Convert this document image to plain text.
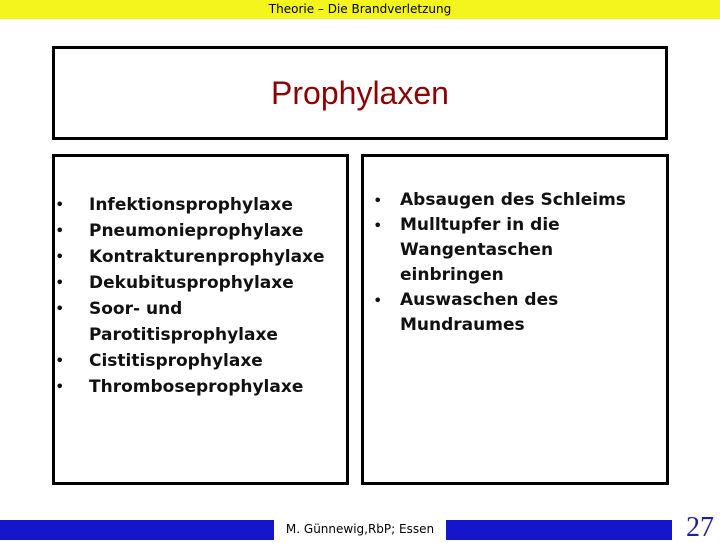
Theorie – Die Brandverletzung
Prophylaxen
• Infektionsprophylaxe
• Pneumonieprophylaxe
• Kontrakturenprophylaxe
• Dekubitusprophylaxe
• Soor- und
Parotitisprophylaxe
• Cistitisprophylaxe
• Thromboseprophylaxe
• Absaugen des Schleims
• Mulltupfer in die
Wangentaschen
einbringen
• Auswaschen des
Mundraumes
M. Günnewig,RbP; Essen	27
